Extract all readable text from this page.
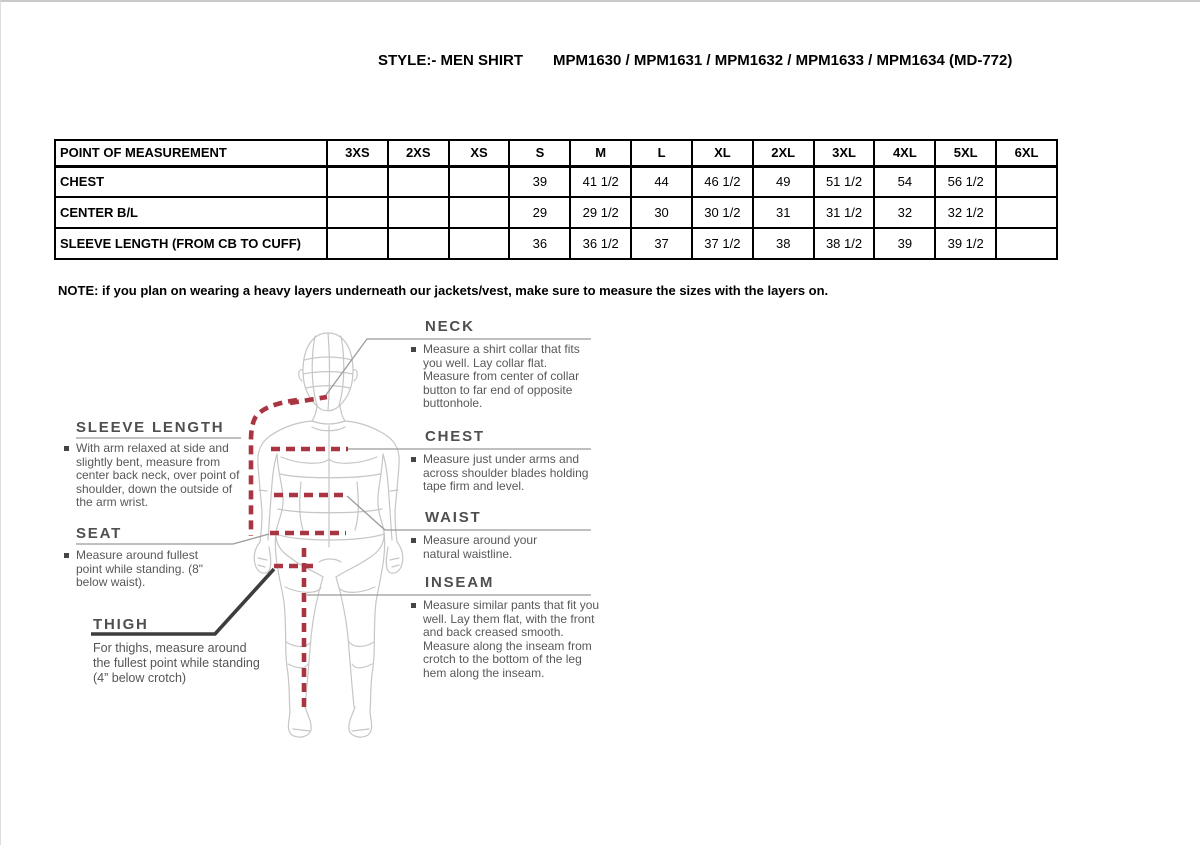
STYLE:- MEN SHIRT MPM1630 / MPM1631 / MPM1632 / MPM1633 / MPM1634 (MD-772)
POINT OF MEASUREMENT	3XS	2XS	XS	S	M	L	XL	2XL	3XL	4XL	5XL	6XL
CHEST				39	41 1/2	44	46 1/2	49	51 1/2	54	56 1/2	
CENTER B/L				29	29 1/2	30	30 1/2	31	31 1/2	32	32 1/2	
SLEEVE LENGTH (FROM CB TO CUFF)				36	36 1/2	37	37 1/2	38	38 1/2	39	39 1/2	
NOTE: if you plan on wearing a heavy layers underneath our jackets/vest, make sure to measure the sizes with the layers on.
NECK
Measure a shirt collar that fits you well. Lay collar flat. Measure from center of collar button to far end of opposite buttonhole.
CHEST
Measure just under arms and across shoulder blades holding tape firm and level.
WAIST
Measure around your natural waistline.
INSEAM
Measure similar pants that fit you well. Lay them flat, with the front and back creased smooth. Measure along the inseam from crotch to the bottom of the leg hem along the inseam.
SLEEVE LENGTH
With arm relaxed at side and slightly bent, measure from center back neck, over point of shoulder, down the outside of the arm wrist.
SEAT
Measure around fullest point while standing. (8" below waist).
THIGH
For thighs, measure around the fullest point while standing (4” below crotch)
